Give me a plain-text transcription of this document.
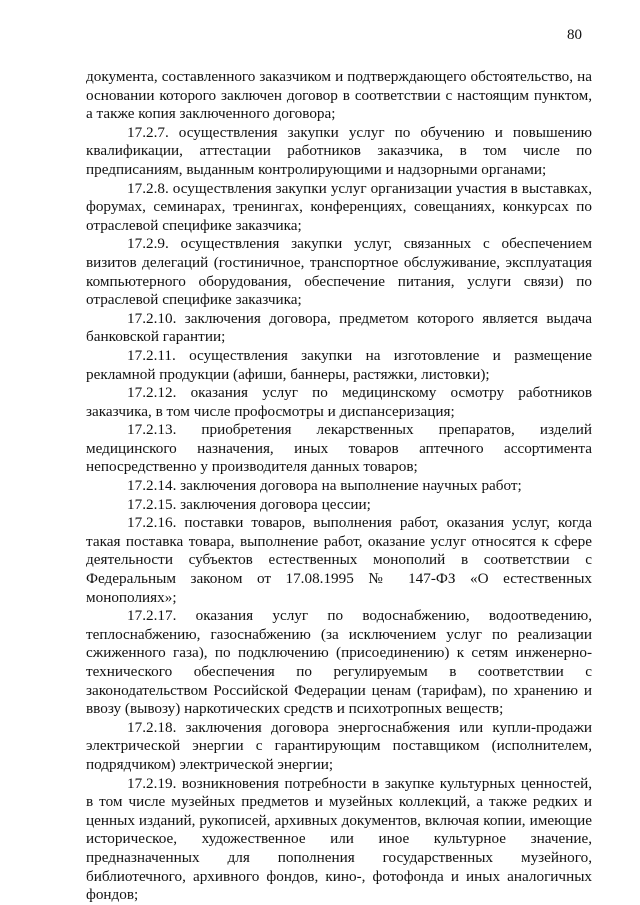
80

документа, составленного заказчиком и подтверждающего обстоятельство, на основании которого заключен договор в соответствии с настоящим пунктом, а также копия заключенного договора;

17.2.7. осуществления закупки услуг по обучению и повышению квалификации, аттестации работников заказчика, в том числе по предписаниям, выданным контролирующими и надзорными органами;

17.2.8. осуществления закупки услуг организации участия в выставках, форумах, семинарах, тренингах, конференциях, совещаниях, конкурсах по отраслевой специфике заказчика;

17.2.9. осуществления закупки услуг, связанных с обеспечением визитов делегаций (гостиничное, транспортное обслуживание, эксплуатация компьютерного оборудования, обеспечение питания, услуги связи) по отраслевой специфике заказчика;

17.2.10. заключения договора, предметом которого является выдача банковской гарантии;

17.2.11. осуществления закупки на изготовление и размещение рекламной продукции (афиши, баннеры, растяжки, листовки);

17.2.12. оказания услуг по медицинскому осмотру работников заказчика, в том числе профосмотры и диспансеризация;

17.2.13. приобретения лекарственных препаратов, изделий медицинского назначения, иных товаров аптечного ассортимента непосредственно у производителя данных товаров;

17.2.14. заключения договора на выполнение научных работ;

17.2.15. заключения договора цессии;

17.2.16. поставки товаров, выполнения работ, оказания услуг, когда такая поставка товара, выполнение работ, оказание услуг относятся к сфере деятельности субъектов естественных монополий в соответствии с Федеральным законом от 17.08.1995 № 147-ФЗ «О естественных монополиях»;

17.2.17. оказания услуг по водоснабжению, водоотведению, теплоснабжению, газоснабжению (за исключением услуг по реализации сжиженного газа), по подключению (присоединению) к сетям инженерно-технического обеспечения по регулируемым в соответствии с законодательством Российской Федерации ценам (тарифам), по хранению и ввозу (вывозу) наркотических средств и психотропных веществ;

17.2.18. заключения договора энергоснабжения или купли-продажи электрической энергии с гарантирующим поставщиком (исполнителем, подрядчиком) электрической энергии;

17.2.19. возникновения потребности в закупке культурных ценностей, в том числе музейных предметов и музейных коллекций, а также редких и ценных изданий, рукописей, архивных документов, включая копии, имеющие историческое, художественное или иное культурное значение, предназначенных для пополнения государственных музейного, библиотечного, архивного фондов, кино-, фотофонда и иных аналогичных фондов;
